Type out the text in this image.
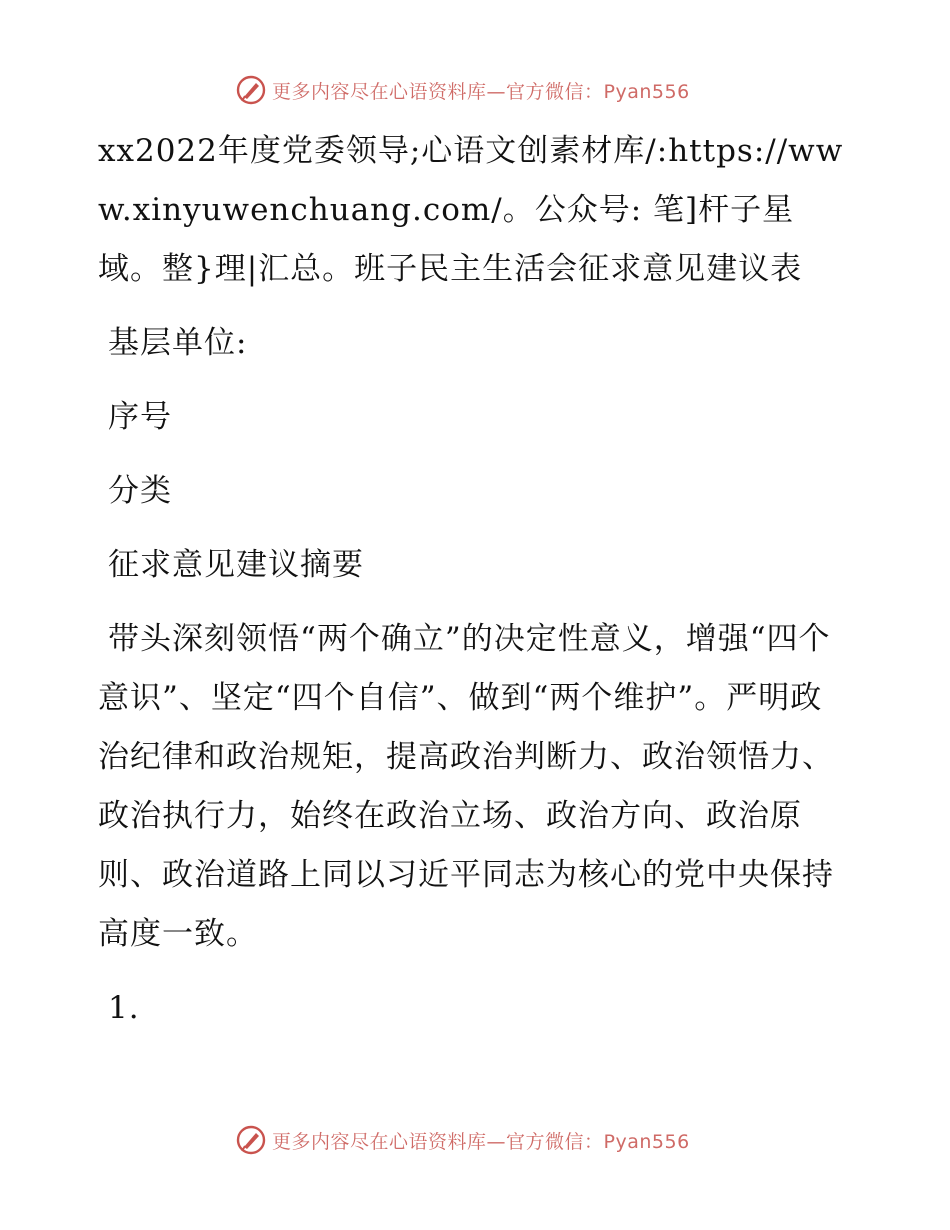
更多内容尽在心语资料库—官方微信：Pyan556

xx2022年度党委领导;心语文创素材库/:https://www.xinyuwenchuang.com/。公众号: 笔]杆子星域。整}理|汇总。班子民主生活会征求意见建议表

基层单位:

序号

分类

征求意见建议摘要

带头深刻领悟“两个确立”的决定性意义，增强“四个意识”、坚定“四个自信”、做到“两个维护”。严明政治纪律和政治规矩，提高政治判断力、政治领悟力、政治执行力，始终在政治立场、政治方向、政治原则、政治道路上同以习近平同志为核心的党中央保持高度一致。

1.

更多内容尽在心语资料库—官方微信：Pyan556
